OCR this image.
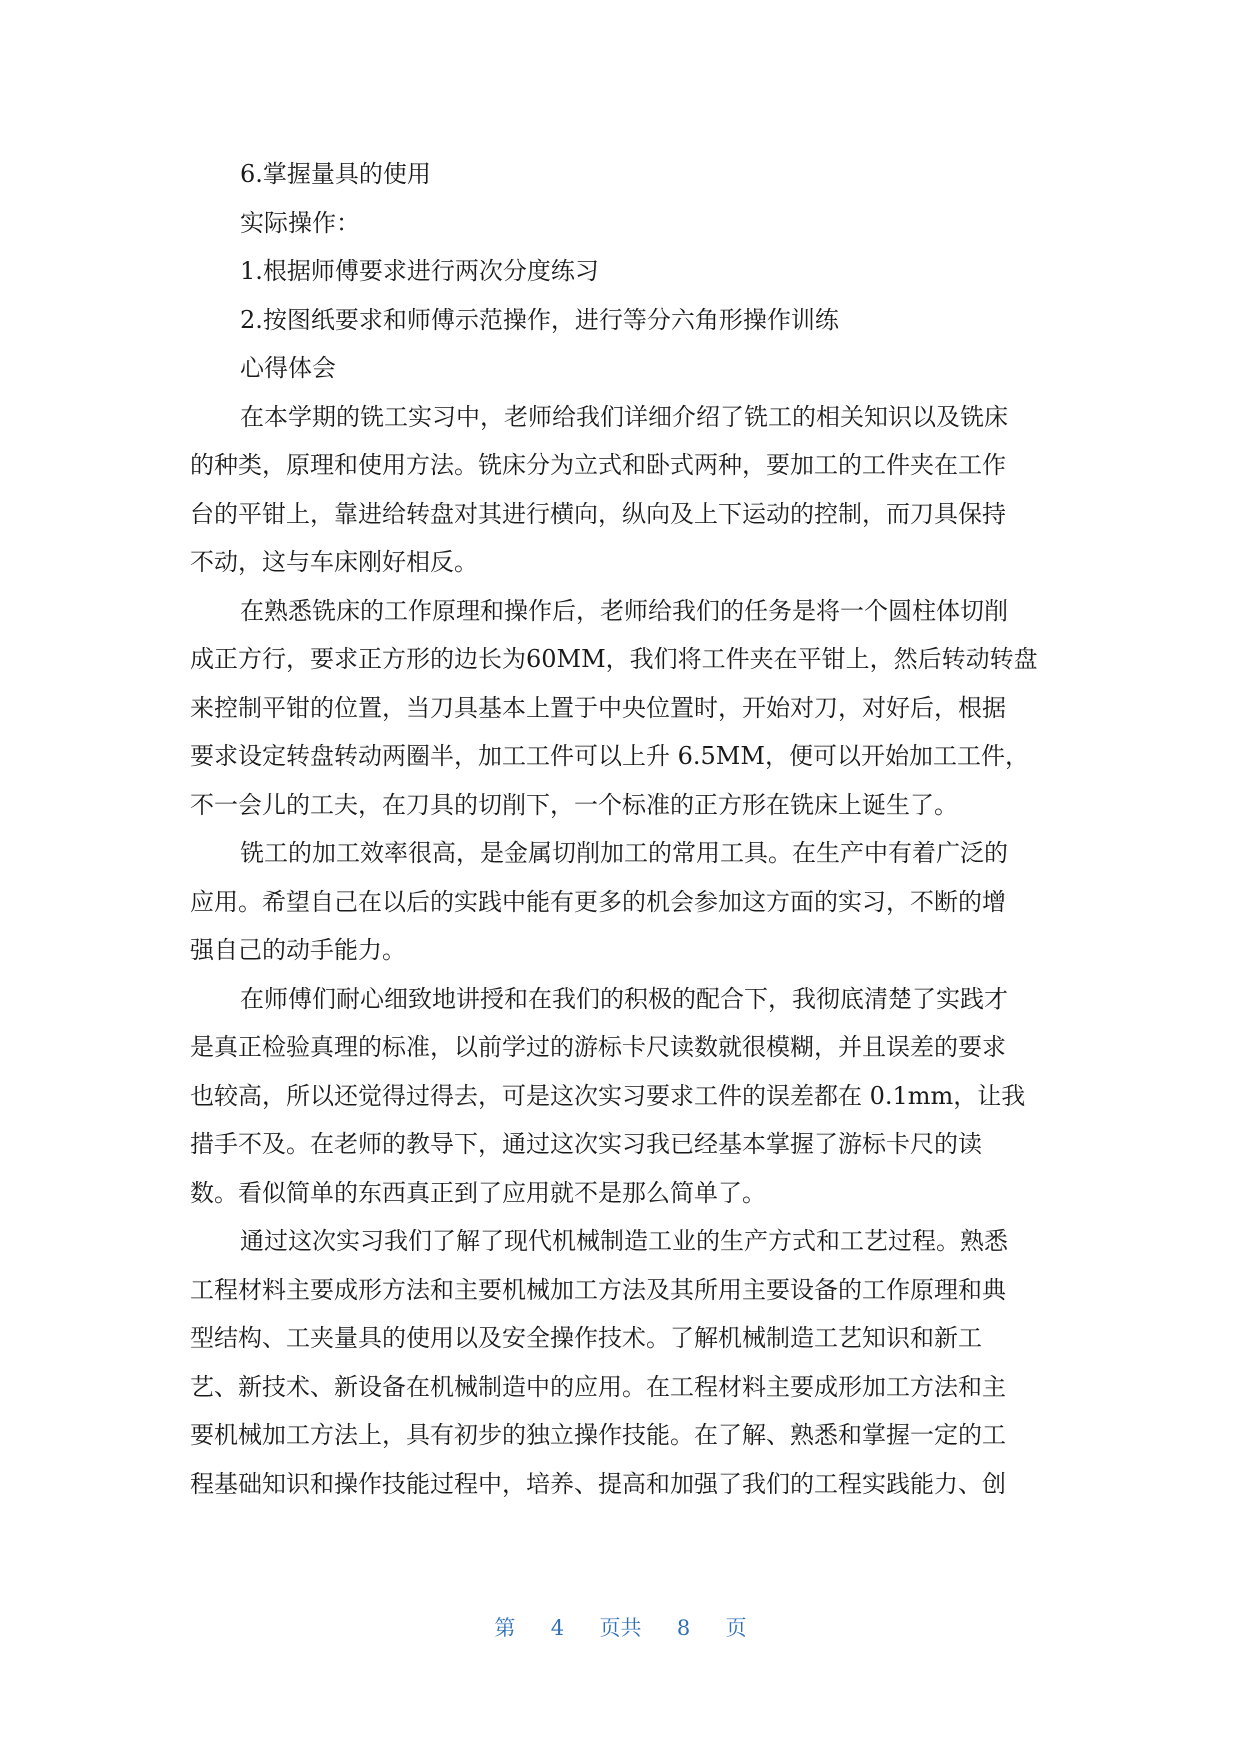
6.掌握量具的使用

实际操作：

1.根据师傅要求进行两次分度练习

2.按图纸要求和师傅示范操作，进行等分六角形操作训练

心得体会

在本学期的铣工实习中，老师给我们详细介绍了铣工的相关知识以及铣床

的种类，原理和使用方法。铣床分为立式和卧式两种，要加工的工件夹在工作

台的平钳上，靠进给转盘对其进行横向，纵向及上下运动的控制，而刀具保持

不动，这与车床刚好相反。

在熟悉铣床的工作原理和操作后，老师给我们的任务是将一个圆柱体切削

成正方行，要求正方形的边长为60MM，我们将工件夹在平钳上，然后转动转盘

来控制平钳的位置，当刀具基本上置于中央位置时，开始对刀，对好后，根据

要求设定转盘转动两圈半，加工工件可以上升 6.5MM，便可以开始加工工件，

不一会儿的工夫，在刀具的切削下，一个标准的正方形在铣床上诞生了。

铣工的加工效率很高，是金属切削加工的常用工具。在生产中有着广泛的

应用。希望自己在以后的实践中能有更多的机会参加这方面的实习，不断的增

强自己的动手能力。

在师傅们耐心细致地讲授和在我们的积极的配合下，我彻底清楚了实践才

是真正检验真理的标准，以前学过的游标卡尺读数就很模糊，并且误差的要求

也较高，所以还觉得过得去，可是这次实习要求工件的误差都在 0.1mm，让我

措手不及。在老师的教导下，通过这次实习我已经基本掌握了游标卡尺的读

数。看似简单的东西真正到了应用就不是那么简单了。

通过这次实习我们了解了现代机械制造工业的生产方式和工艺过程。熟悉

工程材料主要成形方法和主要机械加工方法及其所用主要设备的工作原理和典

型结构、工夹量具的使用以及安全操作技术。了解机械制造工艺知识和新工

艺、新技术、新设备在机械制造中的应用。在工程材料主要成形加工方法和主

要机械加工方法上，具有初步的独立操作技能。在了解、熟悉和掌握一定的工

程基础知识和操作技能过程中，培养、提高和加强了我们的工程实践能力、创

第 4 页共 8 页
